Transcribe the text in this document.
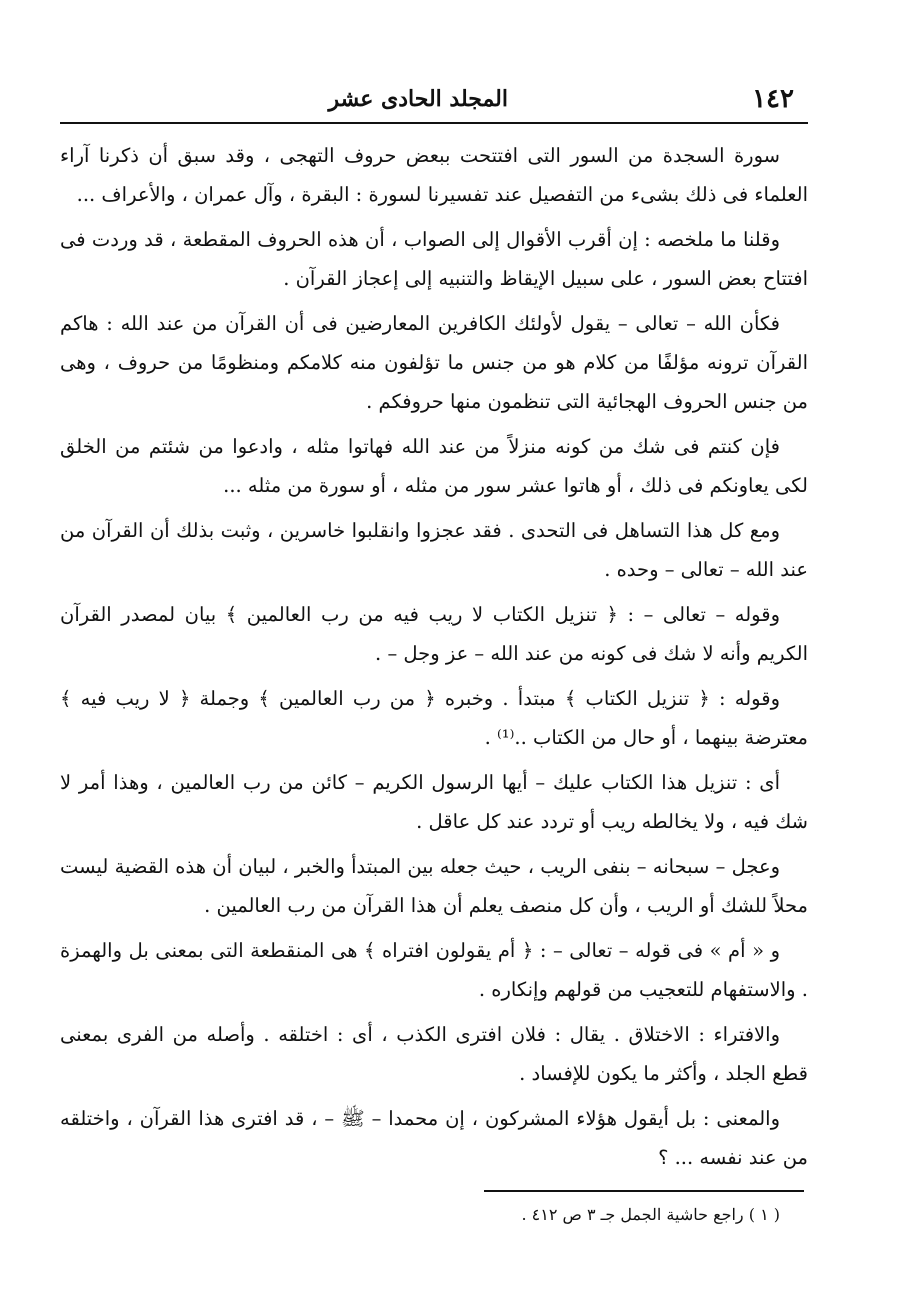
١٤٢
المجلد الحادى عشر

سورة السجدة من السور التى افتتحت ببعض حروف التهجى ، وقد سبق أن ذكرنا آراء العلماء فى ذلك بشىء من التفصيل عند تفسيرنا لسورة : البقرة ، وآل عمران ، والأعراف ...

وقلنا ما ملخصه : إن أقرب الأقوال إلى الصواب ، أن هذه الحروف المقطعة ، قد وردت فى افتتاح بعض السور ، على سبيل الإيقاظ والتنبيه إلى إعجاز القرآن .

فكأن الله – تعالى – يقول لأولئك الكافرين المعارضين فى أن القرآن من عند الله : هاكم القرآن ترونه مؤلفًا من كلام هو من جنس ما تؤلفون منه كلامكم ومنظومًا من حروف ، وهى من جنس الحروف الهجائية التى تنظمون منها حروفكم .

فإن كنتم فى شك من كونه منزلاً من عند الله فهاتوا مثله ، وادعوا من شئتم من الخلق لكى يعاونكم فى ذلك ، أو هاتوا عشر سور من مثله ، أو سورة من مثله ...

ومع كل هذا التساهل فى التحدى . فقد عجزوا وانقلبوا خاسرين ، وثبت بذلك أن القرآن من عند الله – تعالى – وحده .

وقوله – تعالى – : ﴿ تنزيل الكتاب لا ريب فيه من رب العالمين ﴾ بيان لمصدر القرآن الكريم وأنه لا شك فى كونه من عند الله – عز وجل – .

وقوله : ﴿ تنزيل الكتاب ﴾ مبتدأ . وخبره ﴿ من رب العالمين ﴾ وجملة ﴿ لا ريب فيه ﴾ معترضة بينهما ، أو حال من الكتاب ..⁽¹⁾ .

أى : تنزيل هذا الكتاب عليك – أيها الرسول الكريم – كائن من رب العالمين ، وهذا أمر لا شك فيه ، ولا يخالطه ريب أو تردد عند كل عاقل .

وعجل – سبحانه – بنفى الريب ، حيث جعله بين المبتدأ والخبر ، لبيان أن هذه القضية ليست محلاً للشك أو الريب ، وأن كل منصف يعلم أن هذا القرآن من رب العالمين .

و « أم » فى قوله – تعالى – : ﴿ أم يقولون افتراه ﴾ هى المنقطعة التى بمعنى بل والهمزة . والاستفهام للتعجيب من قولهم وإنكاره .

والافتراء : الاختلاق . يقال : فلان افترى الكذب ، أى : اختلقه . وأصله من الفرى بمعنى قطع الجلد ، وأكثر ما يكون للإفساد .

والمعنى : بل أيقول هؤلاء المشركون ، إن محمدا – ﷺ – ، قد افترى هذا القرآن ، واختلقه من عند نفسه ... ؟

( ١ ) راجع حاشية الجمل جـ ٣ ص ٤١٢ .
